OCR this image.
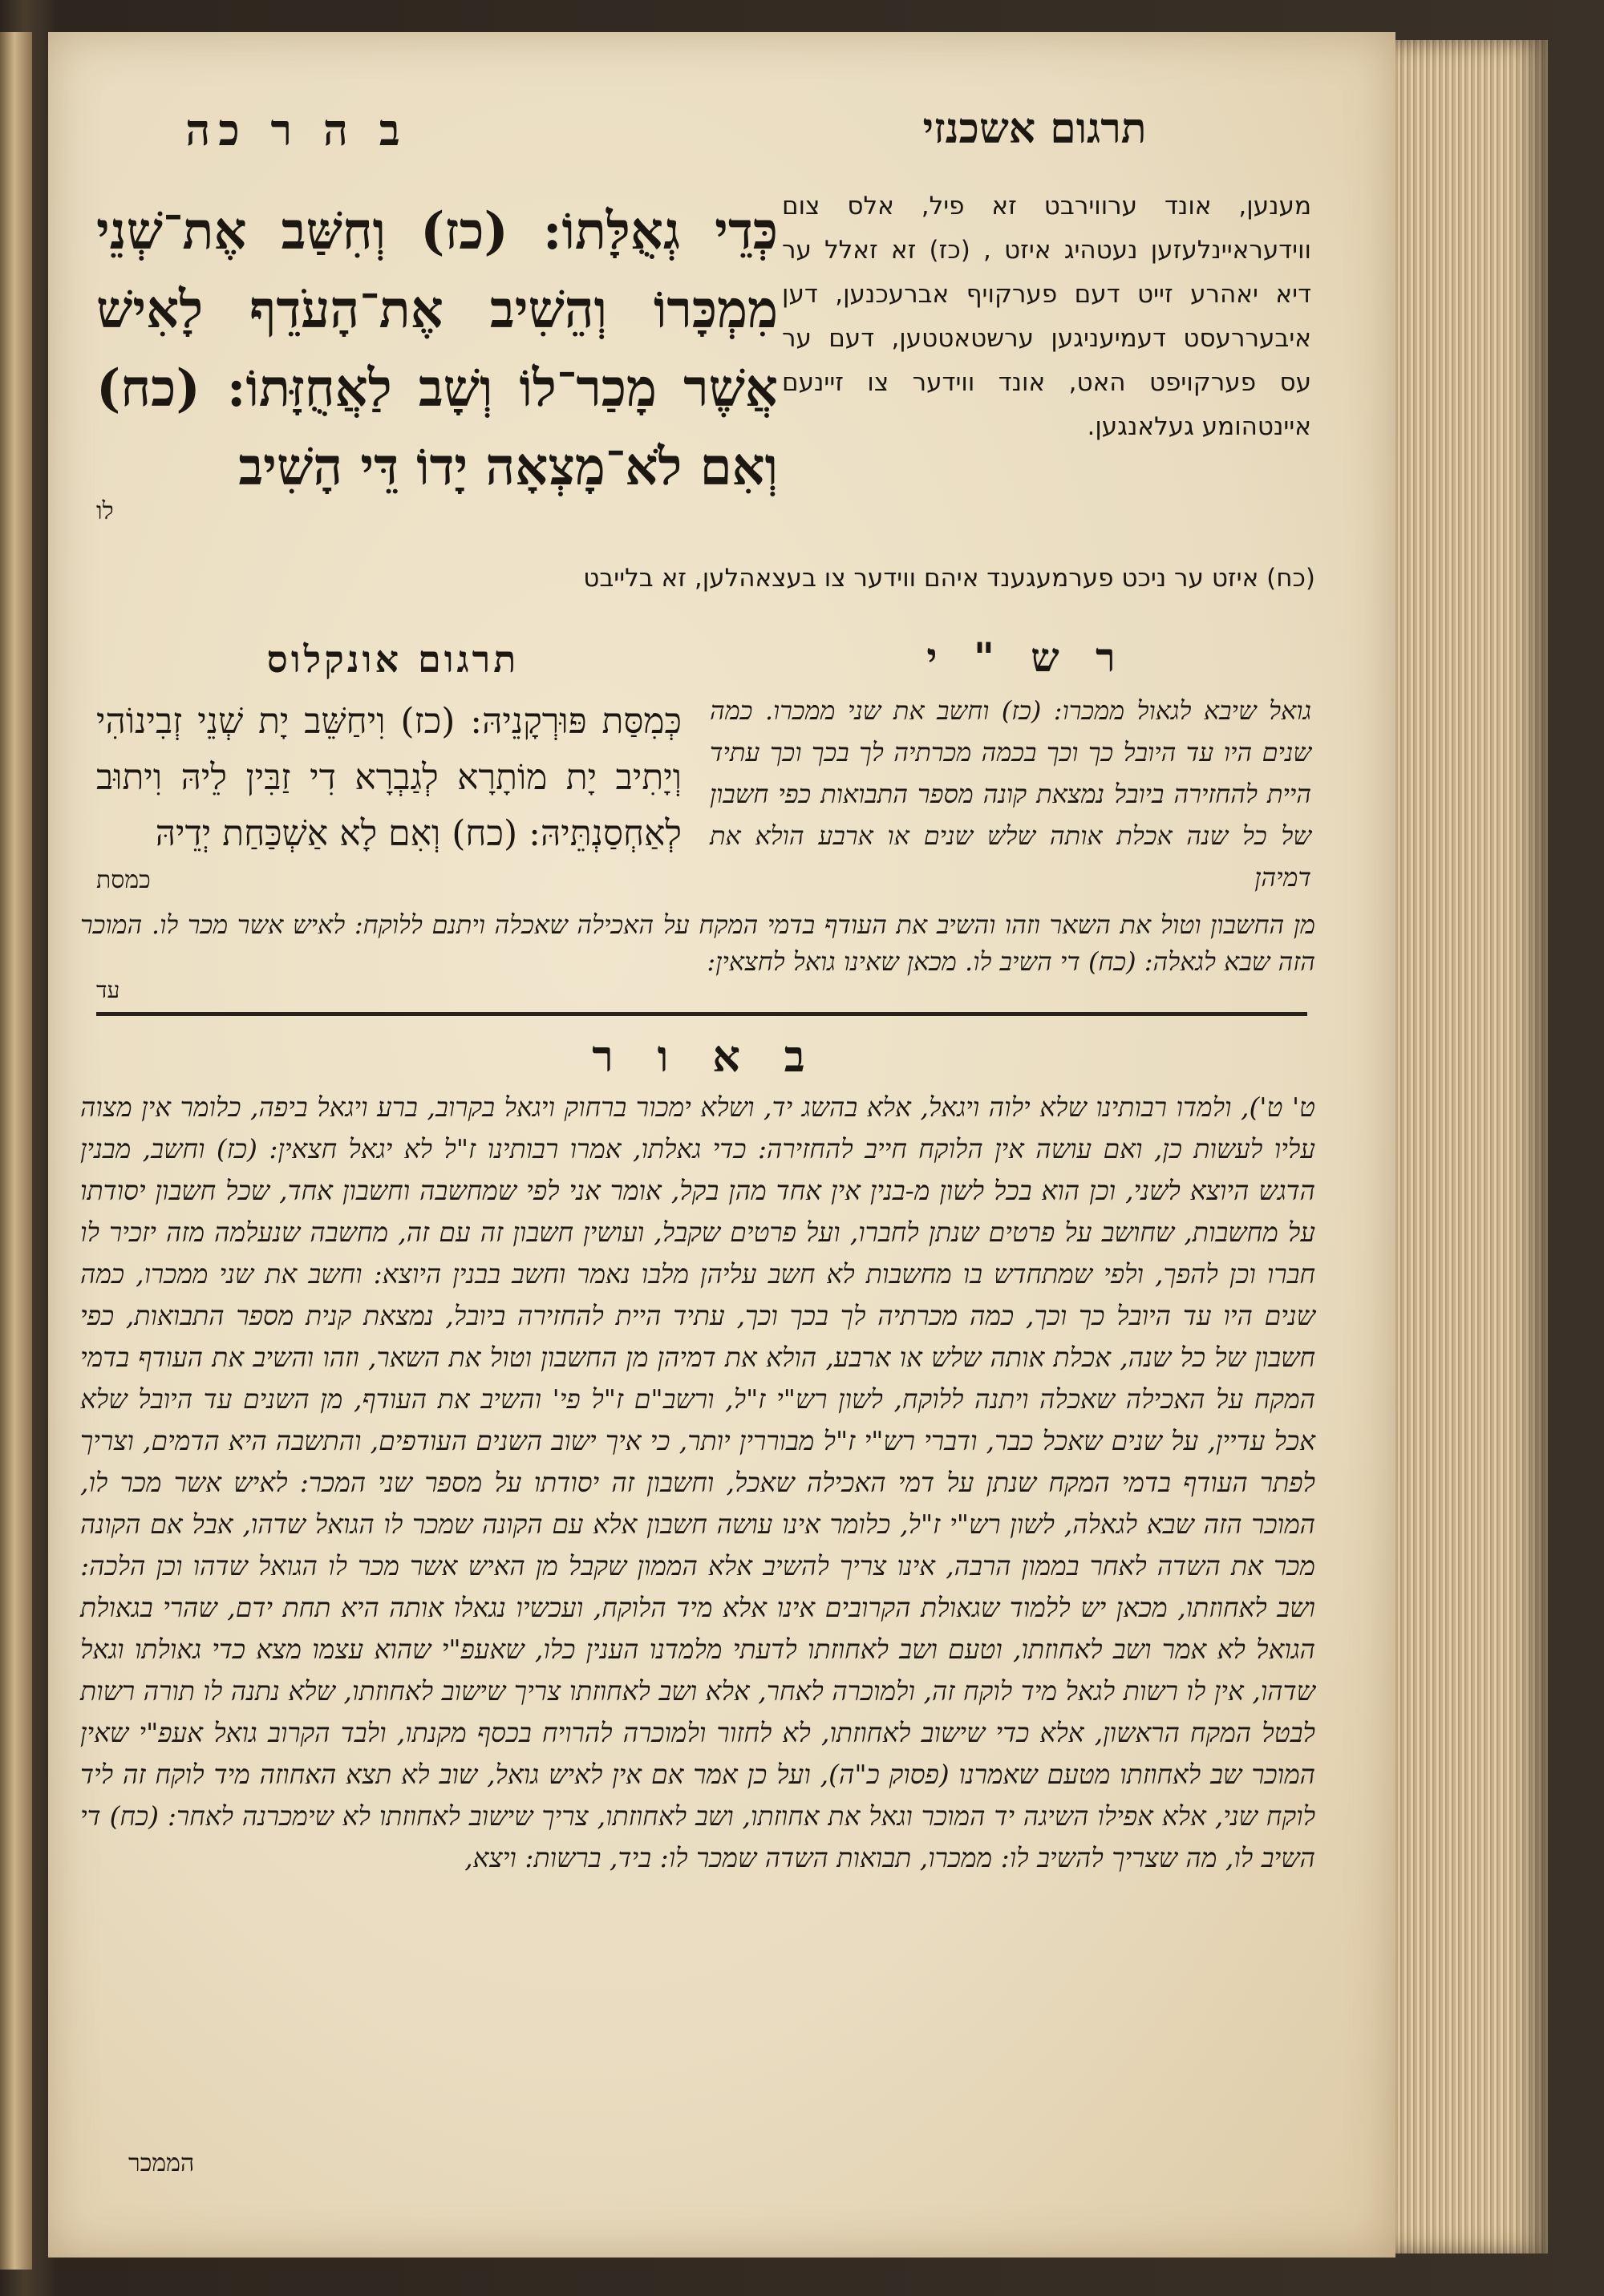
תרגום אשכנזי
ב ה ר כה
מענען, אונד ערווירבט זא פיל, אלס צום ווידעראיינלעזען נעטהיג איזט , (כז) זא זאלל ער דיא יאהרע זייט דעם פערקויף אברעכנען, דען איבעררעסט דעמיעניגען ערשטאטטען, דעם ער עס פערקויפט האט, אונד ווידער צו זיינעם איינטהומע געלאנגען.
(כח) איזט ער ניכט פערמעגענד איהם ווידער צו בעצאהלען, זא בלייבט
כְּדֵי גְאֻלָּתוֹ: (כז) וְחִשַּׁב אֶת־שְׁנֵי מִמְכָּרוֹ וְהֵשִׁיב אֶת־הָעֹדֵף לָאִישׁ אֲשֶׁר מָכַר־לוֹ וְשָׁב לַאֲחֻזָּתוֹ: (כח) וְאִם לֹא־מָצְאָה יָדוֹ דֵּי הָשִׁיב
לו
ר ש " י
תרגום אונקלוס
גואל שיבא לגאול ממכרו: (כז) וחשב את שני ממכרו. כמה שנים היו עד היובל כך וכך בכמה מכרתיה לך בכך וכך עתיד היית להחזירה ביובל נמצאת קונה מספר התבואות כפי חשבון של כל שנה אכלת אותה שלש שנים או ארבע הולא את דמיהן
כְּמִסַּת פּוּרְקָנֵיהּ: (כז) וִיחַשֵּׁב יָת שְׁנֵי זְבִינוֹהִי וְיָתִיב יָת מוֹתָרָא לְגַבְרָא דִי זַבִּין לֵיהּ וִיתוּב לְאַחְסַנְתֵּיהּ: (כח) וְאִם לָא אַשְׁכַּחַת יְדֵיהּ
כמסת
מן החשבון וטול את השאר וזהו והשיב את העודף בדמי המקח על האכילה שאכלה ויתנם ללוקח: לאיש אשר מכר לו. המוכר הזה שבא לגאלה: (כח) די השיב לו. מכאן שאינו גואל לחצאין:
עד
ב א ו ר
ט' ט'), ולמדו רבותינו שלא ילוה ויגאל, אלא בהשג יד, ושלא ימכור ברחוק ויגאל בקרוב, ברע ויגאל ביפה, כלומר אין מצוה עליו לעשות כן, ואם עושה אין הלוקח חייב להחזירה: כדי גאלתו, אמרו רבותינו ז"ל לא יגאל חצאין: (כז) וחשב, מבנין הדגש היוצא לשני, וכן הוא בכל לשון מ-בנין אין אחד מהן בקל, אומר אני לפי שמחשבה וחשבון אחד, שכל חשבון יסודתו על מחשבות, שחושב על פרטים שנתן לחברו, ועל פרטים שקבל, ועושין חשבון זה עם זה, מחשבה שנעלמה מזה יזכיר לו חברו וכן להפך, ולפי שמתחדש בו מחשבות לא חשב עליהן מלבו נאמר וחשב בבנין היוצא: וחשב את שני ממכרו, כמה שנים היו עד היובל כך וכך, כמה מכרתיה לך בכך וכך, עתיד היית להחזירה ביובל, נמצאת קנית מספר התבואות, כפי חשבון של כל שנה, אכלת אותה שלש או ארבע, הולא את דמיהן מן החשבון וטול את השאר, וזהו והשיב את העודף בדמי המקח על האכילה שאכלה ויתנה ללוקח, לשון רש"י ז"ל, ורשב"ם ז"ל פי' והשיב את העודף, מן השנים עד היובל שלא אכל עדיין, על שנים שאכל כבר, ודברי רש"י ז"ל מבוררין יותר, כי איך ישוב השנים העודפים, והתשבה היא הדמים, וצריך לפתר העודף בדמי המקח שנתן על דמי האכילה שאכל, וחשבון זה יסודתו על מספר שני המכר: לאיש אשר מכר לו, המוכר הזה שבא לגאלה, לשון רש"י ז"ל, כלומר אינו עושה חשבון אלא עם הקונה שמכר לו הגואל שדהו, אבל אם הקונה מכר את השדה לאחר בממון הרבה, אינו צריך להשיב אלא הממון שקבל מן האיש אשר מכר לו הגואל שדהו וכן הלכה: ושב לאחוזתו, מכאן יש ללמוד שגאולת הקרובים אינו אלא מיד הלוקח, ועכשיו נגאלו אותה היא תחת ידם, שהרי בגאולת הגואל לא אמר ושב לאחוזתו, וטעם ושב לאחוזתו לדעתי מלמדנו הענין כלו, שאעפ"י שהוא עצמו מצא כדי גאולתו וגאל שדהו, אין לו רשות לגאל מיד לוקח זה, ולמוכרה לאחר, אלא ושב לאחוזתו צריך שישוב לאחוזתו, שלא נתנה לו תורה רשות לבטל המקח הראשון, אלא כדי שישוב לאחוזתו, לא לחזור ולמוכרה להרויח בכסף מקנתו, ולבד הקרוב גואל אעפ"י שאין המוכר שב לאחוזתו מטעם שאמרנו (פסוק כ"ה), ועל כן אמר אם אין לאיש גואל, שוב לא תצא האחוזה מיד לוקח זה ליד לוקח שני, אלא אפילו השיגה יד המוכר וגאל את אחוזתו, ושב לאחוזתו, צריך שישוב לאחוזתו לא שימכרנה לאחר: (כח) די השיב לו, מה שצריך להשיב לו: ממכרו, תבואות השדה שמכר לו: ביד, ברשות: ויצא,
הממכר
